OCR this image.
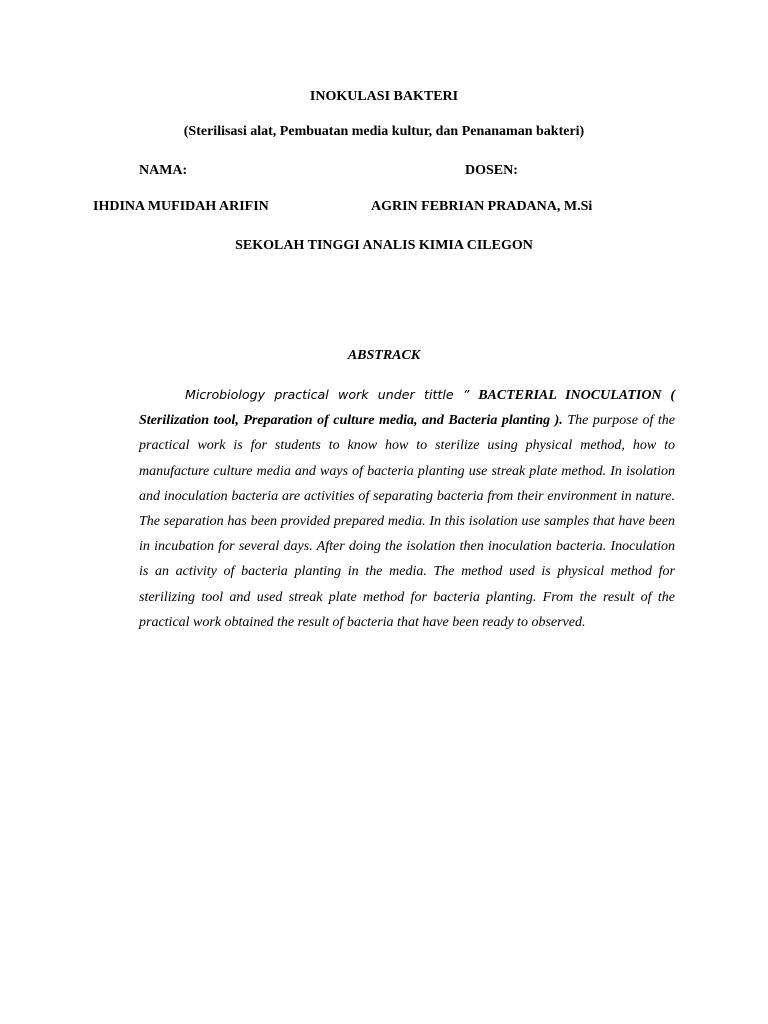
INOKULASI BAKTERI
(Sterilisasi alat, Pembuatan media kultur, dan Penanaman bakteri)
NAMA:	DOSEN:
IHDINA MUFIDAH ARIFIN	AGRIN FEBRIAN PRADANA, M.Si
SEKOLAH TINGGI ANALIS KIMIA CILEGON
ABSTRACK
Microbiology practical work under tittle ” BACTERIAL INOCULATION ( Sterilization tool, Preparation of culture media, and Bacteria planting ). The purpose of the practical work is for students to know how to sterilize using physical method, how to manufacture culture media and ways of bacteria planting use streak plate method. In isolation and inoculation bacteria are activities of separating bacteria from their environment in nature. The separation has been provided prepared media. In this isolation use samples that have been in incubation for several days. After doing the isolation then inoculation bacteria. Inoculation is an activity of bacteria planting in the media. The method used is physical method for sterilizing tool and used streak plate method for bacteria planting. From the result of the practical work obtained the result of bacteria that have been ready to observed.
